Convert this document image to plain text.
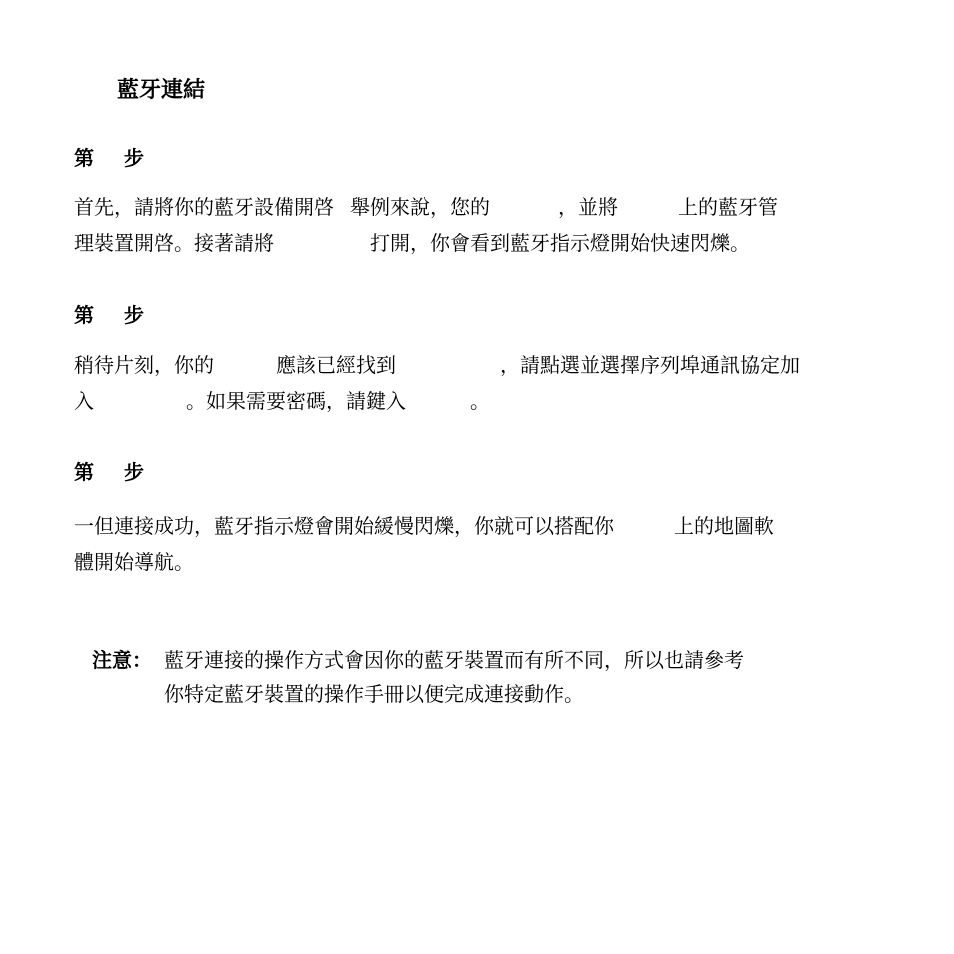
藍牙連結
第 步
首先，請將你的藍牙設備開啓 舉例來說，您的	，並將	上的藍牙管
理裝置開啓。接著請將	打開，你會看到藍牙指示燈開始快速閃爍。
第 步
稍待片刻，你的	應該已經找到	，請點選並選擇序列埠通訊協定加
入	。如果需要密碼，請鍵入	。
第 步
一但連接成功，藍牙指示燈會開始緩慢閃爍，你就可以搭配你	上的地圖軟
體開始導航。
注意： 藍牙連接的操作方式會因你的藍牙裝置而有所不同，所以也請參考
你特定藍牙裝置的操作手冊以便完成連接動作。
